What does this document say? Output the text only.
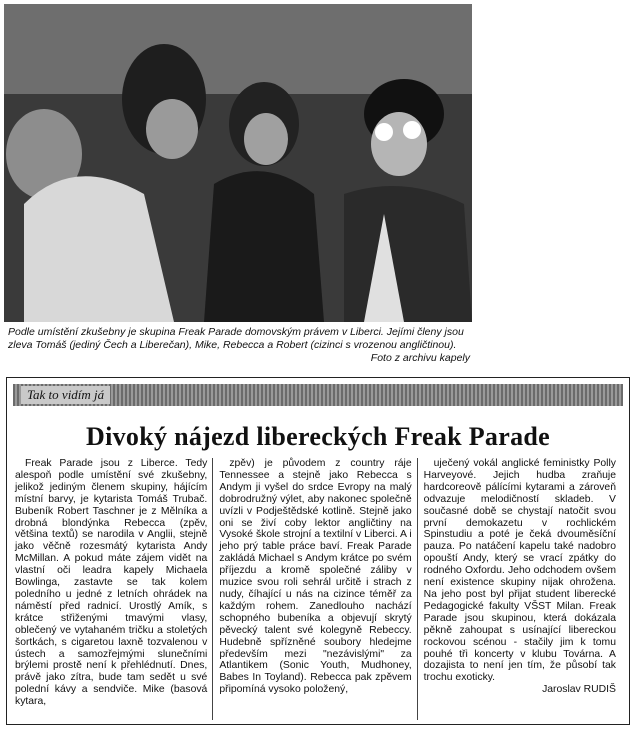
Podle umístění zkušebny je skupina Freak Parade domovským právem v Liberci. Jejími členy jsou zleva Tomáš (jediný Čech a Liberečan), Mike, Rebecca a Robert (cizinci s vrozenou angličtinou).
Foto z archivu kapely
Tak to vidím já
Divoký nájezd libereckých Freak Parade

Freak Parade jsou z Liberce. Tedy alespoň podle umístění své zkušebny, jelikož jediným členem skupiny, hájícím místní barvy, je kytarista Tomáš Trubač. Bubeník Robert Taschner je z Mělníka a drobná blondýnka Rebecca (zpěv, většina textů) se narodila v Anglii, stejně jako věčně rozesmátý kytarista Andy McMillan. A pokud máte zájem vidět na vlastní oči leadra kapely Michaela Bowlinga, zastavte se tak kolem poledního u jedné z letních ohrádek na náměstí před radnicí. Urostlý Amík, s krátce střiženými tmavými vlasy, oblečený ve vytahaném tričku a stoletých šortkách, s cigaretou laxně tozvalenou v ústech a samozřejmými slunečními brýlemi prostě není k přehlédnutí. Dnes, právě jako zítra, bude tam sedět u své polední kávy a sendviče. Mike (basová kytara,

zpěv) je původem z country ráje Tennessee a stejně jako Rebecca s Andym ji vyšel do srdce Evropy na malý dobrodružný výlet, aby nakonec společně uvízli v Podještědské kotlině. Stejně jako oni se živí coby lektor angličtiny na Vysoké škole strojní a textilní v Liberci. A i jeho prý table práce baví. Freak Parade zakládá Michael s Andym krátce po svém příjezdu a kromě společné záliby v muzice svou roli sehrál určitě i strach z nudy, číhající u nás na cizince téměř za každým rohem. Zanedlouho nachází schopného bubeníka a objevují skrytý pěvecký talent své kolegyně Rebeccy. Hudebně spřízněné soubory hledejme především mezi "nezávislými" za Atlantikem (Sonic Youth, Mudhoney, Babes In Toyland). Rebecca pak zpěvem připomíná vysoko položený,

uječený vokál anglické feministky Polly Harveyové. Jejich hudba zraňuje hardcoreově pálícími kytarami a zároveň odvazuje melodičností skladeb. V současné době se chystají natočit svou první demokazetu v rochlickém Spinstudiu a poté je čeká dvouměsíční pauza. Po natáčení kapelu také nadobro opouští Andy, který se vrací zpátky do rodného Oxfordu. Jeho odchodem ovšem není existence skupiny nijak ohrožena. Na jeho post byl přijat student liberecké Pedagogické fakulty VŠST Milan. Freak Parade jsou skupinou, která dokázala pěkně zahoupat s usínající libereckou rockovou scénou - stačily jim k tomu pouhé tři koncerty v klubu Továrna. A dozajista to není jen tím, že působí tak trochu exoticky.

Jaroslav RUDIŠ
